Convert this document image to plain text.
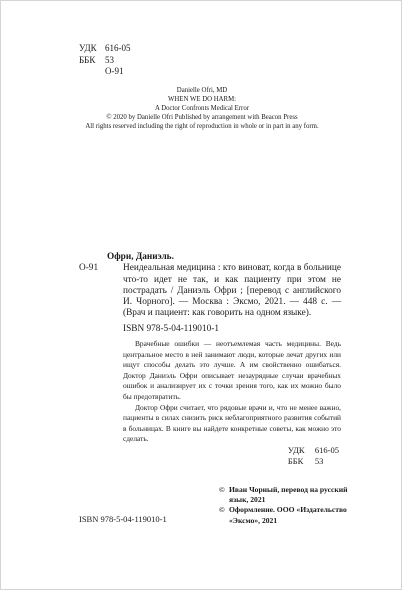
УДК 616-05
ББК	53
О-91
Danielle Ofri, MD
WHEN WE DO HARM:
A Doctor Confronts Medical Error
© 2020 by Danielle Ofri Published by arrangement with Beacon Press
All rights reserved including the right of reproduction in whole or in part in any form.
Офри, Даниэль.
О-91	Неидеальная медицина : кто виноват, когда в больнице что-то идет не так, и как пациенту при этом не пострадать / Даниэль Офри ; [перевод с английского И. Чорного]. — Москва : Эксмо, 2021. — 448 с. — (Врач и пациент: как говорить на одном языке).
ISBN 978-5-04-119010-1

Врачебные ошибки — неотъемлемая часть медицины. Ведь центральное место в ней занимают люди, которые лечат других или ищут способы делать это лучше. А им свойственно ошибаться. Доктор Даниэль Офри описывает незаурядные случаи врачебных ошибок и анализирует их с точки зрения того, как их можно было бы предотвратить.

Доктор Офри считает, что рядовые врачи и, что не менее важно, пациенты в силах снизить риск неблагоприятного развития событий в больницах. В книге вы найдете конкретные советы, как можно это сделать.

УДК	616-05
ББК	53
ISBN 978-5-04-119010-1
© Иван Чорный, перевод на русский язык, 2021
© Оформление. ООО «Издательство «Эксмо», 2021
